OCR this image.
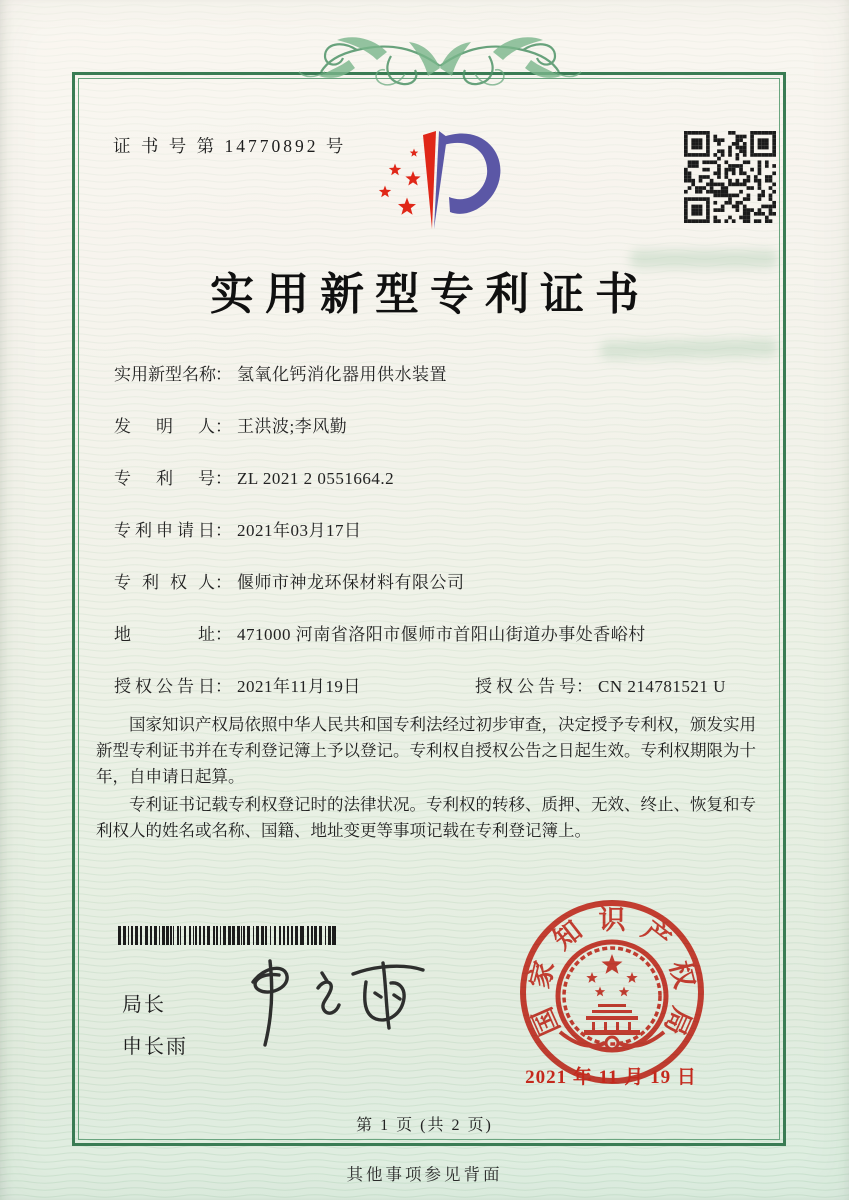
证 书 号 第 14770892 号
实用新型专利证书
实用新型名称： 氢氧化钙消化器用供水装置
发明人： 王洪波;李风勤
专利号： ZL 2021 2 0551664.2
专利申请日： 2021年03月17日
专利权人： 偃师市神龙环保材料有限公司
地址： 471000 河南省洛阳市偃师市首阳山街道办事处香峪村
授权公告日： 2021年11月19日	授权公告号： CN 214781521 U

国家知识产权局依照中华人民共和国专利法经过初步审查，决定授予专利权，颁发实用新型专利证书并在专利登记簿上予以登记。专利权自授权公告之日起生效。专利权期限为十年，自申请日起算。

专利证书记载专利权登记时的法律状况。专利权的转移、质押、无效、终止、恢复和专利权人的姓名或名称、国籍、地址变更等事项记载在专利登记簿上。

局长
申长雨
国
家
知 识 产
权
局
2021 年 11 月 19 日
第 1 页 (共 2 页)
其他事项参见背面
